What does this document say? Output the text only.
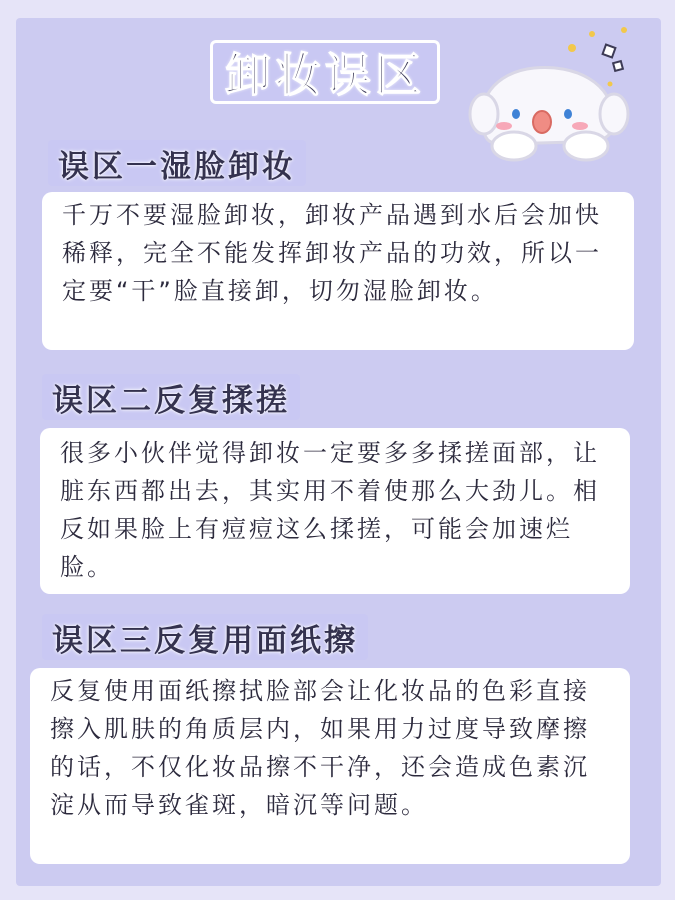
卸妆误区
误区一湿脸卸妆
千万不要湿脸卸妆，卸妆产品遇到水后会加快稀释，完全不能发挥卸妆产品的功效，所以一定要“干”脸直接卸，切勿湿脸卸妆。
误区二反复揉搓
很多小伙伴觉得卸妆一定要多多揉搓面部，让脏东西都出去，其实用不着使那么大劲儿。相反如果脸上有痘痘这么揉搓，可能会加速烂脸。
误区三反复用面纸擦
反复使用面纸擦拭脸部会让化妆品的色彩直接擦入肌肤的角质层内，如果用力过度导致摩擦的话，不仅化妆品擦不干净，还会造成色素沉淀从而导致雀斑，暗沉等问题。
